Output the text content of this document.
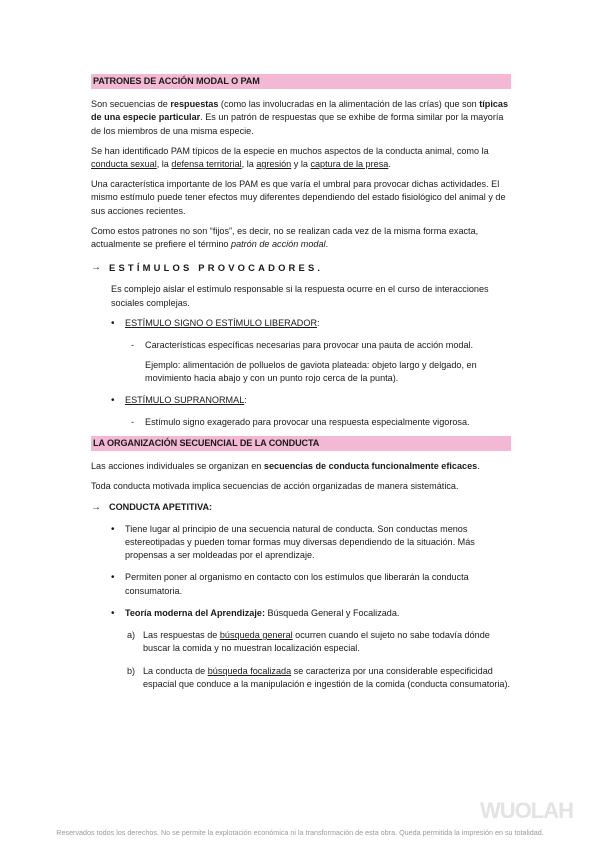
PATRONES DE ACCIÓN MODAL O PAM

Son secuencias de respuestas (como las involucradas en la alimentación de las crías) que son típicas de una especie particular. Es un patrón de respuestas que se exhibe de forma similar por la mayoría de los miembros de una misma especie.

Se han identificado PAM típicos de la especie en muchos aspectos de la conducta animal, como la conducta sexual, la defensa territorial, la agresión y la captura de la presa.

Una característica importante de los PAM es que varía el umbral para provocar dichas actividades. El mismo estímulo puede tener efectos muy diferentes dependiendo del estado fisiológico del animal y de sus acciones recientes.

Como estos patrones no son “fijos”, es decir, no se realizan cada vez de la misma forma exacta, actualmente se prefiere el término patrón de acción modal.

→ ESTÍMULOS PROVOCADORES.

Es complejo aislar el estímulo responsable si la respuesta ocurre en el curso de interacciones sociales complejas.

•	ESTÍMULO SIGNO O ESTÍMULO LIBERADOR:
-	Características específicas necesarias para provocar una pauta de acción modal.

Ejemplo: alimentación de polluelos de gaviota plateada: objeto largo y delgado, en movimiento hacia abajo y con un punto rojo cerca de la punta).

•	ESTÍMULO SUPRANORMAL:
-	Estímulo signo exagerado para provocar una respuesta especialmente vigorosa.
LA ORGANIZACIÓN SECUENCIAL DE LA CONDUCTA

Las acciones individuales se organizan en secuencias de conducta funcionalmente eficaces.

Toda conducta motivada implica secuencias de acción organizadas de manera sistemática.

→ CONDUCTA APETITIVA:
•	Tiene lugar al principio de una secuencia natural de conducta. Son conductas menos estereotipadas y pueden tomar formas muy diversas dependiendo de la situación. Más propensas a ser moldeadas por el aprendizaje.
•	Permiten poner al organismo en contacto con los estímulos que liberarán la conducta consumatoria.
•	Teoría moderna del Aprendizaje: Búsqueda General y Focalizada.
a) Las respuestas de búsqueda general ocurren cuando el sujeto no sabe todavía dónde buscar la comida y no muestran localización especial.
b) La conducta de búsqueda focalizada se caracteriza por una considerable especificidad espacial que conduce a la manipulación e ingestión de la comida (conducta consumatoria).
WUOLAH
Reservados todos los derechos. No se permite la explotación económica ni la transformación de esta obra. Queda permitida la impresión en su totalidad.
